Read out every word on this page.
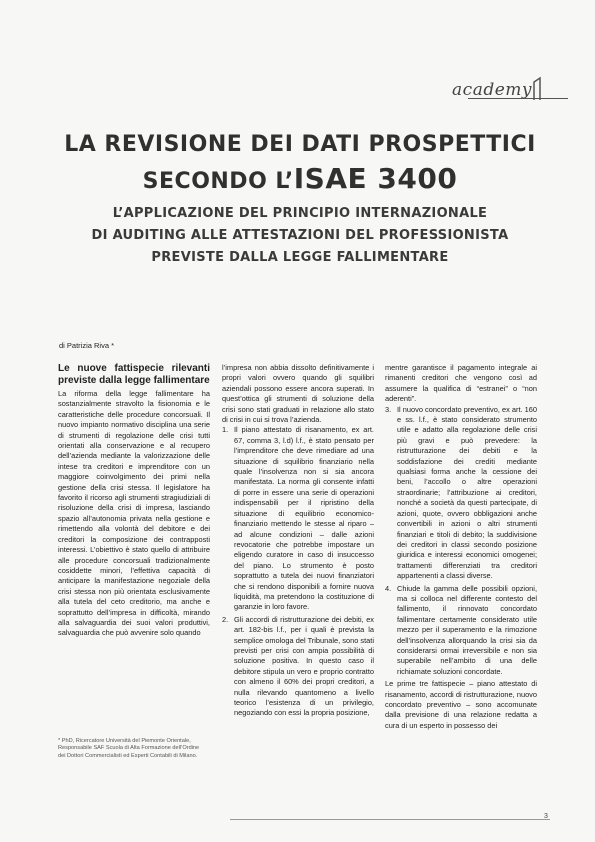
academy
LA REVISIONE DEI DATI PROSPETTICI
SECONDO L’ISAE 3400

L’APPLICAZIONE DEL PRINCIPIO INTERNAZIONALE

DI AUDITING ALLE ATTESTAZIONI DEL PROFESSIONISTA

PREVISTE DALLA LEGGE FALLIMENTARE

di Patrizia Riva *
Le nuove fattispecie rilevanti previste dalla legge fallimentare

La riforma della legge fallimentare ha sostanzialmente stravolto la fisionomia e le caratteristiche delle procedure concorsuali. Il nuovo impianto normativo disciplina una serie di strumenti di regolazione delle crisi tutti orientati alla conservazione e al recupero dell’azienda mediante la valorizzazione delle intese tra creditori e imprenditore con un maggiore coinvolgimento dei primi nella gestione della crisi stessa. Il legislatore ha favorito il ricorso agli strumenti stragiudiziali di risoluzione della crisi di impresa, lasciando spazio all’autonomia privata nella gestione e rimettendo alla volontà del debitore e dei creditori la composizione dei contrapposti interessi. L’obiettivo è stato quello di attribuire alle procedure concorsuali tradizionalmente cosiddette minori, l’effettiva capacità di anticipare la manifestazione negoziale della crisi stessa non più orientata esclusivamente alla tutela del ceto creditorio, ma anche e soprattutto dell’impresa in difficoltà, mirando alla salvaguardia dei suoi valori produttivi, salvaguardia che può avvenire solo quando

* PhD, Ricercatore Università del Piemonte Orientale, Responsabile SAF Scuola di Alta Formazione dell’Ordine dei Dottori Commercialisti ed Esperti Contabili di Milano.

l’impresa non abbia dissolto definitivamente i propri valori ovvero quando gli squilibri aziendali possono essere ancora superati. In quest’ottica gli strumenti di soluzione della crisi sono stati graduati in relazione allo stato di crisi in cui si trova l’azienda.

1. Il piano attestato di risanamento, ex art. 67, comma 3, l.d) l.f., è stato pensato per l’imprenditore che deve rimediare ad una situazione di squilibrio finanziario nella quale l’insolvenza non si sia ancora manifestata. La norma gli consente infatti di porre in essere una serie di operazioni indispensabili per il ripristino della situazione di equilibrio economico-finanziario mettendo le stesse al riparo – ad alcune condizioni – dalle azioni revocatorie che potrebbe impostare un eligendo curatore in caso di insuccesso del piano. Lo strumento è posto soprattutto a tutela dei nuovi finanziatori che si rendono disponibili a fornire nuova liquidità, ma pretendono la costituzione di garanzie in loro favore.
2. Gli accordi di ristrutturazione dei debiti, ex art. 182-bis l.f., per i quali è prevista la semplice omologa del Tribunale, sono stati previsti per crisi con ampia possibilità di soluzione positiva. In questo caso il debitore stipula un vero e proprio contratto con almeno il 60% dei propri creditori, a nulla rilevando quantomeno a livello teorico l’esistenza di un privilegio, negoziando con essi la propria posizione,

mentre garantisce il pagamento integrale ai rimanenti creditori che vengono così ad assumere la qualifica di “estranei” o “non aderenti”.

3. Il nuovo concordato preventivo, ex art. 160 e ss. l.f., è stato considerato strumento utile e adatto alla regolazione delle crisi più gravi e può prevedere: la ristrutturazione dei debiti e la soddisfazione dei crediti mediante qualsiasi forma anche la cessione dei beni, l’accollo o altre operazioni straordinarie; l’attribuzione ai creditori, nonché a società da questi partecipate, di azioni, quote, ovvero obbligazioni anche convertibili in azioni o altri strumenti finanziari e titoli di debito; la suddivisione dei creditori in classi secondo posizione giuridica e interessi economici omogenei; trattamenti differenziati tra creditori appartenenti a classi diverse.
4. Chiude la gamma delle possibili opzioni, ma si colloca nel differente contesto del fallimento, il rinnovato concordato fallimentare certamente considerato utile mezzo per il superamento e la rimozione dell’insolvenza allorquando la crisi sia da considerarsi ormai irreversibile e non sia superabile nell’ambito di una delle richiamate soluzioni concordate.

Le prime tre fattispecie – piano attestato di risanamento, accordi di ristrutturazione, nuovo concordato preventivo – sono accomunate dalla previsione di una relazione redatta a cura di un esperto in possesso dei

3
